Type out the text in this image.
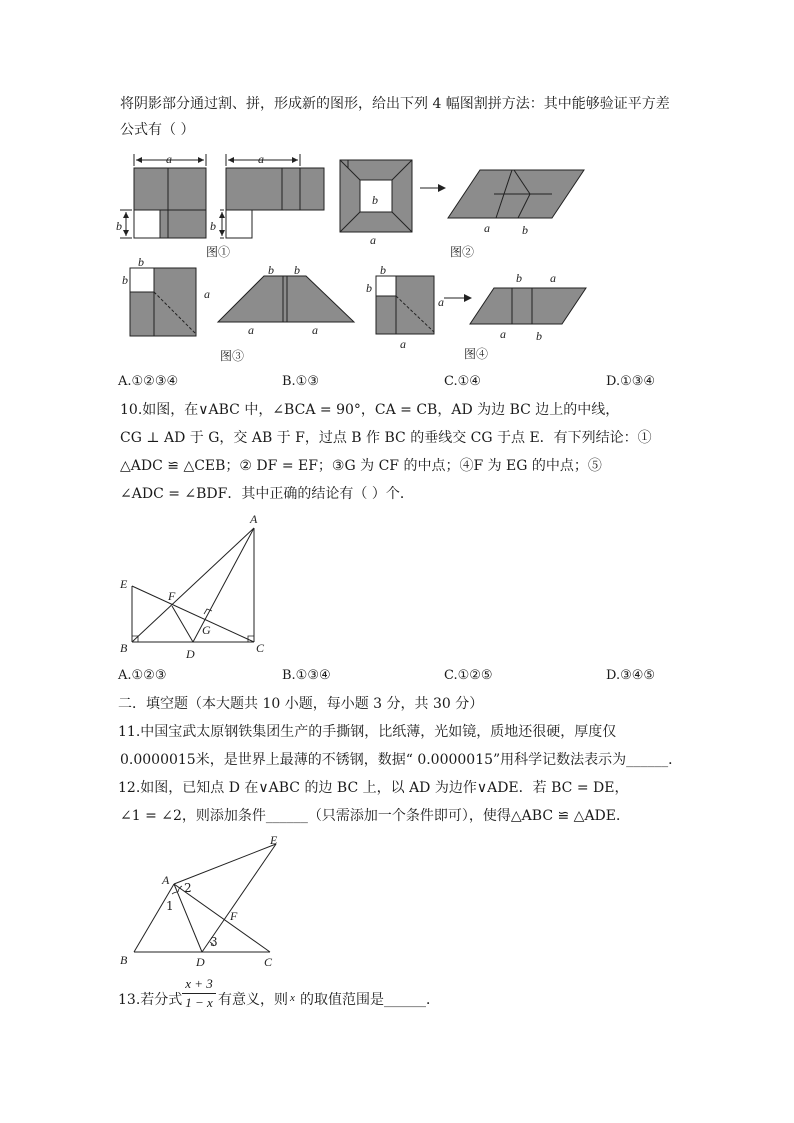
将阴影部分通过割、拼，形成新的图形，给出下列 4 幅图割拼方法：其中能够验证平方差
公式有（ ）
a
b
a
b
图①
b
a
a	b
图②
b
b
a
b b
a	a
图③
b
b
a
a
b a
a	b
图④
A.①②③④	B.①③	C.①④	D.①③④
10.如图，在∨ABC 中，∠BCA = 90°，CA = CB，AD 为边 BC 边上的中线，
CG ⊥ AD 于 G，交 AB 于 F，过点 B 作 BC 的垂线交 CG 于点 E．有下列结论：①
△ADC ≌ △CEB；② DF = EF；③G 为 CF 的中点；④F 为 EG 的中点；⑤
∠ADC = ∠BDF．其中正确的结论有（ ）个．
A
B	C
D
E
F
G
A.①②③	B.①③④	C.①②⑤	D.③④⑤
二．填空题（本大题共 10 小题，每小题 3 分，共 30 分）
11.中国宝武太原钢铁集团生产的手撕钢，比纸薄，光如镜，质地还很硬，厚度仅
0.0000015米，是世界上最薄的不锈钢，数据“ 0.0000015”用科学记数法表示为______．
12.如图，已知点 D 在∨ABC 的边 BC 上，以 AD 为边作∨ADE．若 BC = DE，
∠1 = ∠2，则添加条件______（只需添加一个条件即可），使得△ABC ≌ △ADE．
A
B	C
D
E
F
2
1
3
13.若分式
x + 3
1 − x 有意义，则 x 的取值范围是______．
